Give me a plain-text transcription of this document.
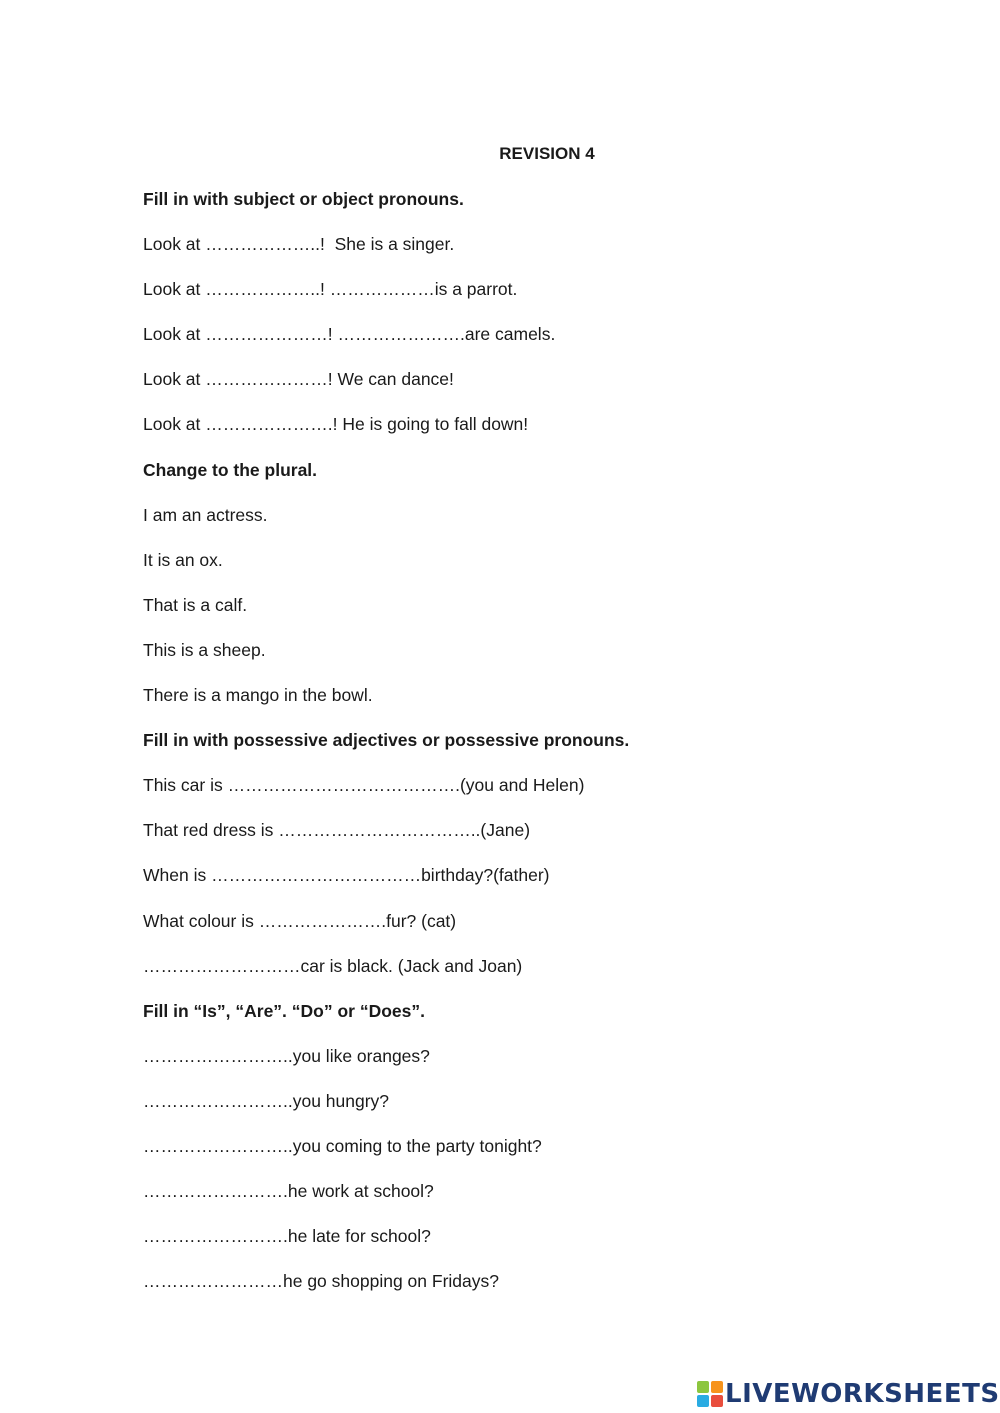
REVISION 4
Fill in with subject or object pronouns.
Look at ………………..!  She is a singer.
Look at ………………..! ………………is a parrot.
Look at …………………! ………………….are camels.
Look at …………………! We can dance!
Look at ………………….! He is going to fall down!
Change to the plural.
I am an actress.
It is an ox.
That is a calf.
This is a sheep.
There is a mango in the bowl.
Fill in with possessive adjectives or possessive pronouns.
This car is ………………………………….(you and Helen)
That red dress is ……………………………..(Jane)
When is ………………………………birthday?(father)
What colour is ………………….fur? (cat)
………………………car is black. (Jack and Joan)
Fill in “Is”, “Are”. “Do” or “Does”.
……………………..you like oranges?
……………………..you hungry?
……………………..you coming to the party tonight?
…………………….he work at school?
…………………….he late for school?
……………………he go shopping on Fridays?
LIVEWORKSHEETS
